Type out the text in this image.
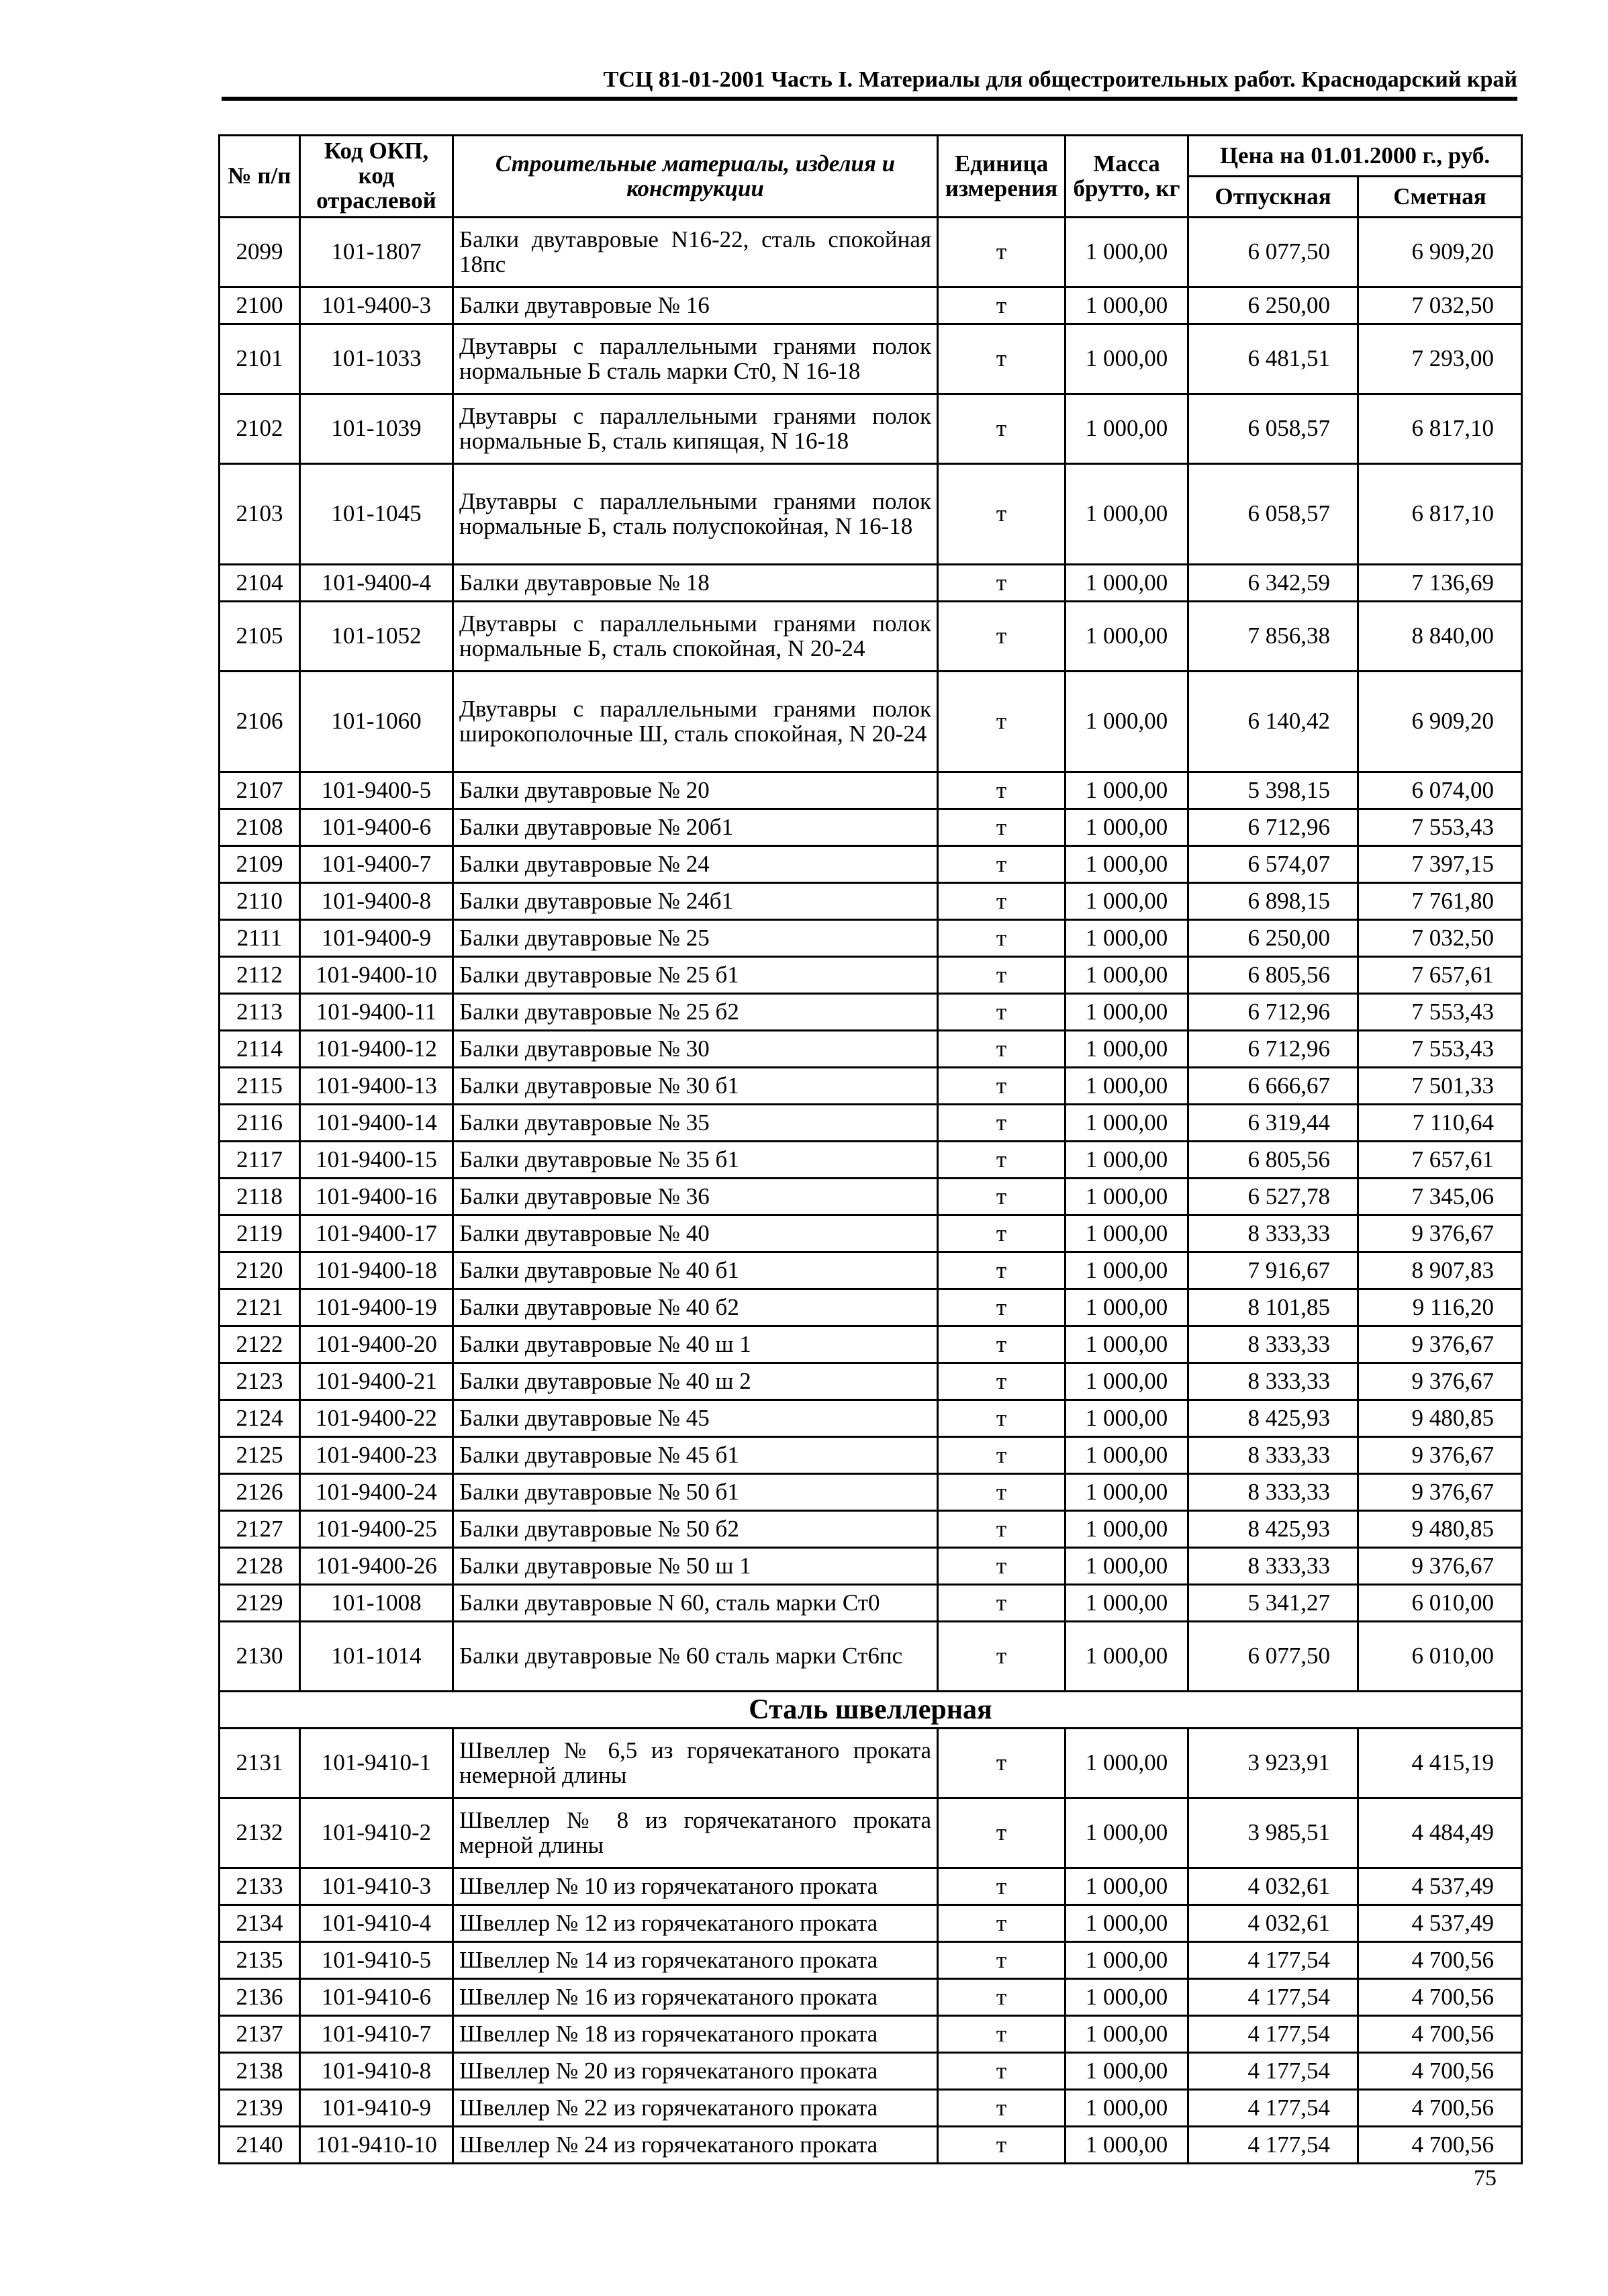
ТСЦ 81-01-2001 Часть I. Материалы для общестроительных работ. Краснодарский край
№ п/п	Код ОКП, код отраслевой	Строительные материалы, изделия и конструкции	Единица измерения	Масса брутто, кг	Цена на 01.01.2000 г., руб.	
					Отпускная	Сметная
2099	101-1807	Балки двутавровые N16-22, сталь спокойная 18пс	т	1 000,00	6 077,50	6 909,20
2100	101-9400-3	Балки двутавровые № 16	т	1 000,00	6 250,00	7 032,50
2101	101-1033	Двутавры с параллельными гранями полок нормальные Б сталь марки Ст0, N 16-18	т	1 000,00	6 481,51	7 293,00
2102	101-1039	Двутавры с параллельными гранями полок нормальные Б, сталь кипящая, N 16-18	т	1 000,00	6 058,57	6 817,10
2103	101-1045	Двутавры с параллельными гранями полок нормальные Б, сталь полуспокойная, N 16-18	т	1 000,00	6 058,57	6 817,10
2104	101-9400-4	Балки двутавровые № 18	т	1 000,00	6 342,59	7 136,69
2105	101-1052	Двутавры с параллельными гранями полок нормальные Б, сталь спокойная, N 20-24	т	1 000,00	7 856,38	8 840,00
2106	101-1060	Двутавры с параллельными гранями полок широкополочные Ш, сталь спокойная, N 20-24	т	1 000,00	6 140,42	6 909,20
2107	101-9400-5	Балки двутавровые № 20	т	1 000,00	5 398,15	6 074,00
2108	101-9400-6	Балки двутавровые № 20б1	т	1 000,00	6 712,96	7 553,43
2109	101-9400-7	Балки двутавровые № 24	т	1 000,00	6 574,07	7 397,15
2110	101-9400-8	Балки двутавровые № 24б1	т	1 000,00	6 898,15	7 761,80
2111	101-9400-9	Балки двутавровые № 25	т	1 000,00	6 250,00	7 032,50
2112	101-9400-10	Балки двутавровые № 25 б1	т	1 000,00	6 805,56	7 657,61
2113	101-9400-11	Балки двутавровые № 25 б2	т	1 000,00	6 712,96	7 553,43
2114	101-9400-12	Балки двутавровые № 30	т	1 000,00	6 712,96	7 553,43
2115	101-9400-13	Балки двутавровые № 30 б1	т	1 000,00	6 666,67	7 501,33
2116	101-9400-14	Балки двутавровые № 35	т	1 000,00	6 319,44	7 110,64
2117	101-9400-15	Балки двутавровые № 35 б1	т	1 000,00	6 805,56	7 657,61
2118	101-9400-16	Балки двутавровые № 36	т	1 000,00	6 527,78	7 345,06
2119	101-9400-17	Балки двутавровые № 40	т	1 000,00	8 333,33	9 376,67
2120	101-9400-18	Балки двутавровые № 40 б1	т	1 000,00	7 916,67	8 907,83
2121	101-9400-19	Балки двутавровые № 40 б2	т	1 000,00	8 101,85	9 116,20
2122	101-9400-20	Балки двутавровые № 40 ш 1	т	1 000,00	8 333,33	9 376,67
2123	101-9400-21	Балки двутавровые № 40 ш 2	т	1 000,00	8 333,33	9 376,67
2124	101-9400-22	Балки двутавровые № 45	т	1 000,00	8 425,93	9 480,85
2125	101-9400-23	Балки двутавровые № 45 б1	т	1 000,00	8 333,33	9 376,67
2126	101-9400-24	Балки двутавровые № 50 б1	т	1 000,00	8 333,33	9 376,67
2127	101-9400-25	Балки двутавровые № 50 б2	т	1 000,00	8 425,93	9 480,85
2128	101-9400-26	Балки двутавровые № 50 ш 1	т	1 000,00	8 333,33	9 376,67
2129	101-1008	Балки двутавровые N 60, сталь марки Ст0	т	1 000,00	5 341,27	6 010,00
2130	101-1014	Балки двутавровые № 60 сталь марки Ст6пс	т	1 000,00	6 077,50	6 010,00
Сталь швеллерная						
2131	101-9410-1	Швеллер № 6,5 из горячекатаного проката немерной длины	т	1 000,00	3 923,91	4 415,19
2132	101-9410-2	Швеллер № 8 из горячекатаного проката мерной длины	т	1 000,00	3 985,51	4 484,49
2133	101-9410-3	Швеллер № 10 из горячекатаного проката	т	1 000,00	4 032,61	4 537,49
2134	101-9410-4	Швеллер № 12 из горячекатаного проката	т	1 000,00	4 032,61	4 537,49
2135	101-9410-5	Швеллер № 14 из горячекатаного проката	т	1 000,00	4 177,54	4 700,56
2136	101-9410-6	Швеллер № 16 из горячекатаного проката	т	1 000,00	4 177,54	4 700,56
2137	101-9410-7	Швеллер № 18 из горячекатаного проката	т	1 000,00	4 177,54	4 700,56
2138	101-9410-8	Швеллер № 20 из горячекатаного проката	т	1 000,00	4 177,54	4 700,56
2139	101-9410-9	Швеллер № 22 из горячекатаного проката	т	1 000,00	4 177,54	4 700,56
2140	101-9410-10	Швеллер № 24 из горячекатаного проката	т	1 000,00	4 177,54	4 700,56
75
